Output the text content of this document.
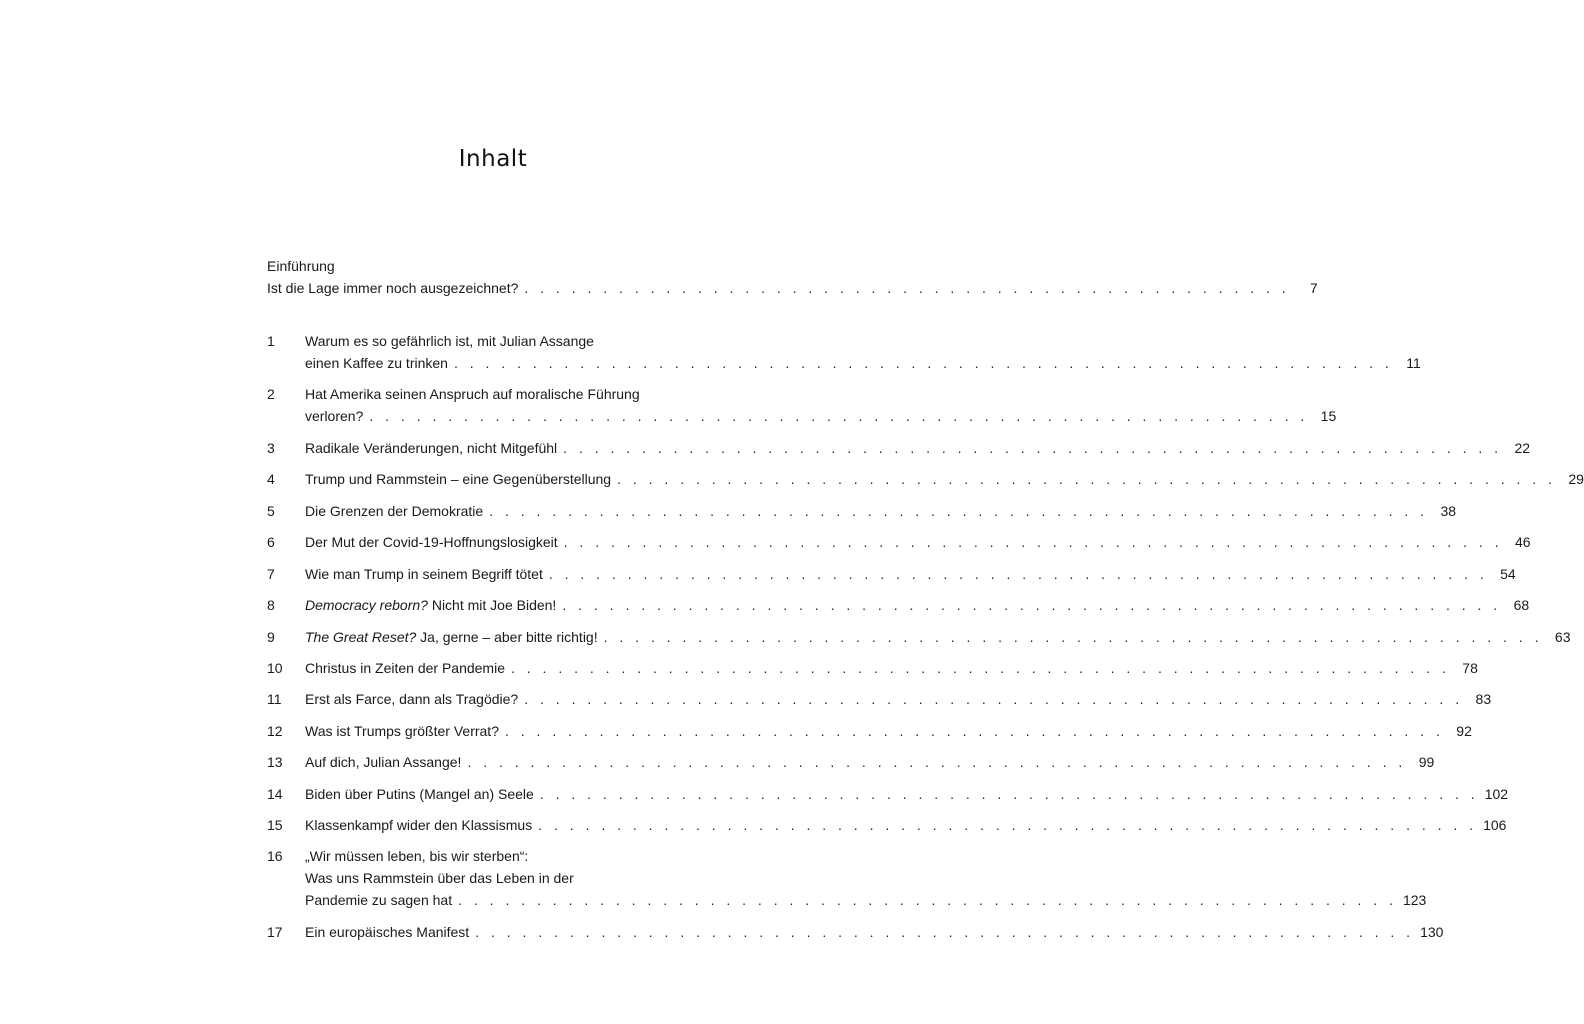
Inhalt
Einführung
Ist die Lage immer noch ausgezeichnet? . . . . . . . . . . . . . . . . . . . . . . . . . . . . . . . . . . . . . . . . . . . . . . . . .	7
1	Warum es so gefährlich ist, mit Julian Assange
einen Kaffee zu trinken . . . . . . . . . . . . . . . . . . . . . . . . . . . . . . . . . . . . . . . . . . . . . . . . . . . . . . . . . . . . 11
2	Hat Amerika seinen Anspruch auf moralische Führung
verloren? . . . . . . . . . . . . . . . . . . . . . . . . . . . . . . . . . . . . . . . . . . . . . . . . . . . . . . . . . . . . 15
3	Radikale Veränderungen, nicht Mitgefühl . . . . . . . . . . . . . . . . . . . . . . . . . . . . . . . . . . . . . . . . . . . . . . . . . . . . . . . . . . . . 22
4	Trump und Rammstein – eine Gegenüberstellung . . . . . . . . . . . . . . . . . . . . . . . . . . . . . . . . . . . . . . . . . . . . . . . . . . . . . . . . . . . . 29
5	Die Grenzen der Demokratie . . . . . . . . . . . . . . . . . . . . . . . . . . . . . . . . . . . . . . . . . . . . . . . . . . . . . . . . . . . . 38
6	Der Mut der Covid-19-Hoffnungslosigkeit . . . . . . . . . . . . . . . . . . . . . . . . . . . . . . . . . . . . . . . . . . . . . . . . . . . . . . . . . . . . 46
7	Wie man Trump in seinem Begriff tötet . . . . . . . . . . . . . . . . . . . . . . . . . . . . . . . . . . . . . . . . . . . . . . . . . . . . . . . . . . . . 54
8	Democracy reborn? Nicht mit Joe Biden! . . . . . . . . . . . . . . . . . . . . . . . . . . . . . . . . . . . . . . . . . . . . . . . . . . . . . . . . . . . . 68
9	The Great Reset? Ja, gerne – aber bitte richtig! . . . . . . . . . . . . . . . . . . . . . . . . . . . . . . . . . . . . . . . . . . . . . . . . . . . . . . . . . . . . 63
10	Christus in Zeiten der Pandemie . . . . . . . . . . . . . . . . . . . . . . . . . . . . . . . . . . . . . . . . . . . . . . . . . . . . . . . . . . . . 78
11	Erst als Farce, dann als Tragödie? . . . . . . . . . . . . . . . . . . . . . . . . . . . . . . . . . . . . . . . . . . . . . . . . . . . . . . . . . . . . 83
12	Was ist Trumps größter Verrat? . . . . . . . . . . . . . . . . . . . . . . . . . . . . . . . . . . . . . . . . . . . . . . . . . . . . . . . . . . . . 92
13	Auf dich, Julian Assange! . . . . . . . . . . . . . . . . . . . . . . . . . . . . . . . . . . . . . . . . . . . . . . . . . . . . . . . . . . . . 99
14	Biden über Putins (Mangel an) Seele . . . . . . . . . . . . . . . . . . . . . . . . . . . . . . . . . . . . . . . . . . . . . . . . . . . . . . . . . . . . 102
15	Klassenkampf wider den Klassismus . . . . . . . . . . . . . . . . . . . . . . . . . . . . . . . . . . . . . . . . . . . . . . . . . . . . . . . . . . . . 106
16	„Wir müssen leben, bis wir sterben“:
Was uns Rammstein über das Leben in der
Pandemie zu sagen hat . . . . . . . . . . . . . . . . . . . . . . . . . . . . . . . . . . . . . . . . . . . . . . . . . . . . . . . . . . . . 123
17	Ein europäisches Manifest . . . . . . . . . . . . . . . . . . . . . . . . . . . . . . . . . . . . . . . . . . . . . . . . . . . . . . . . . . . . 130
